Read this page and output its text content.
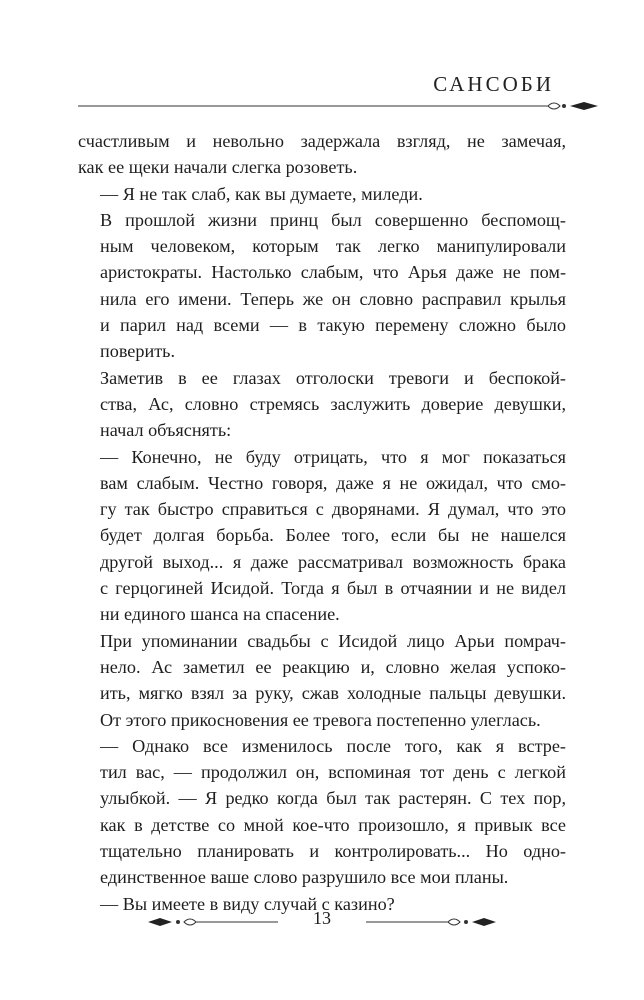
САНСОБИ

счастливым и невольно задержала взгляд, не замечая,
как ее щеки начали слегка розоветь.

— Я не так слаб, как вы думаете, миледи.

В прошлой жизни принц был совершенно беспомощ-
ным человеком, которым так легко манипулировали
аристократы. Настолько слабым, что Арья даже не пом-
нила его имени. Теперь же он словно расправил крылья
и парил над всеми — в такую перемену сложно было
поверить.

Заметив в ее глазах отголоски тревоги и беспокой-
ства, Ас, словно стремясь заслужить доверие девушки,
начал объяснять:

— Конечно, не буду отрицать, что я мог показаться
вам слабым. Честно говоря, даже я не ожидал, что смо-
гу так быстро справиться с дворянами. Я думал, что это
будет долгая борьба. Более того, если бы не нашелся
другой выход... я даже рассматривал возможность брака
с герцогиней Исидой. Тогда я был в отчаянии и не видел
ни единого шанса на спасение.

При упоминании свадьбы с Исидой лицо Арьи помрач-
нело. Ас заметил ее реакцию и, словно желая успоко-
ить, мягко взял за руку, сжав холодные пальцы девушки.
От этого прикосновения ее тревога постепенно улеглась.

— Однако все изменилось после того, как я встре-
тил вас, — продолжил он, вспоминая тот день с легкой
улыбкой. — Я редко когда был так растерян. С тех пор,
как в детстве со мной кое-что произошло, я привык все
тщательно планировать и контролировать... Но одно-
единственное ваше слово разрушило все мои планы.

— Вы имеете в виду случай с казино?

13
